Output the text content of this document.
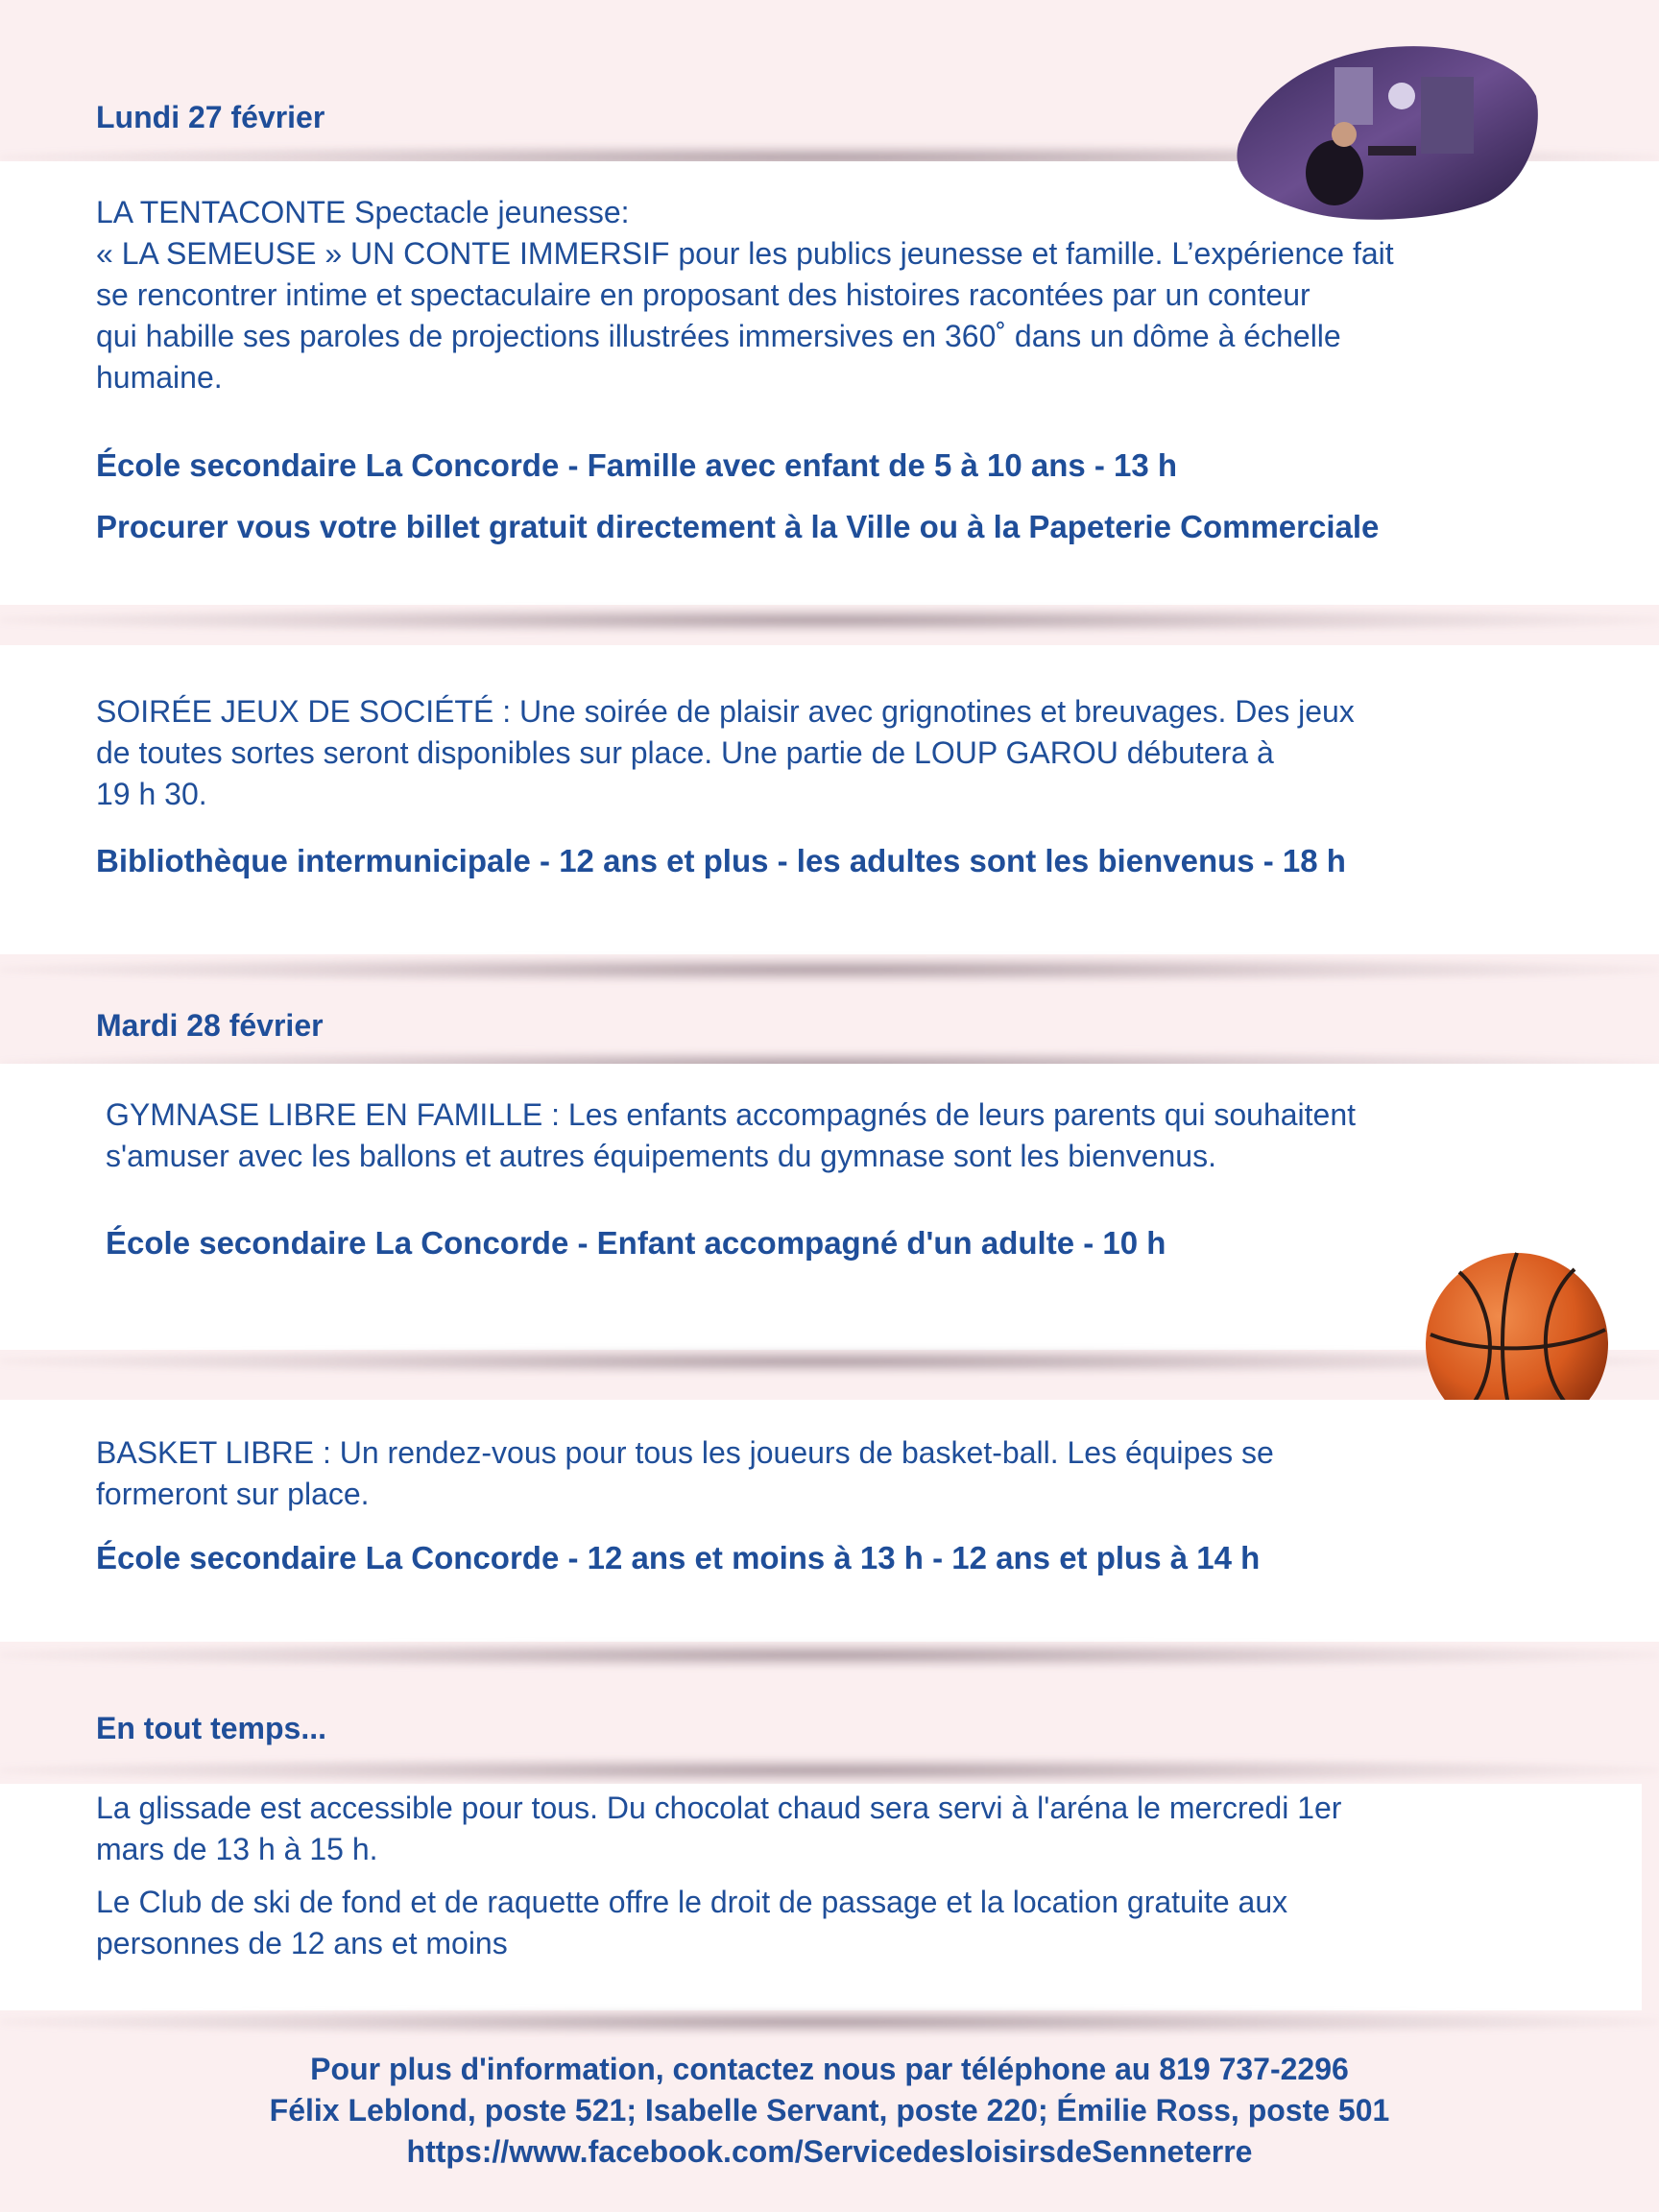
Lundi 27 février
LA TENTACONTE Spectacle jeunesse:
« LA SEMEUSE » UN CONTE IMMERSIF pour les publics jeunesse et famille. L’expérience fait
se rencontrer intime et spectaculaire en proposant des histoires racontées par un conteur
qui habille ses paroles de projections illustrées immersives en 360˚ dans un dôme à échelle
humaine.
École secondaire La Concorde - Famille avec enfant de 5 à 10 ans - 13 h
Procurer vous votre billet gratuit directement à la Ville ou à la Papeterie Commerciale
SOIRÉE JEUX DE SOCIÉTÉ : Une soirée de plaisir avec grignotines et breuvages. Des jeux
de toutes sortes seront disponibles sur place. Une partie de LOUP GAROU débutera à
19 h 30.
Bibliothèque intermunicipale - 12 ans et plus - les adultes sont les bienvenus - 18 h
Mardi 28 février
GYMNASE LIBRE EN FAMILLE : Les enfants accompagnés de leurs parents qui souhaitent
s'amuser avec les ballons et autres équipements du gymnase sont les bienvenus.
École secondaire La Concorde - Enfant accompagné d'un adulte - 10 h
BASKET LIBRE : Un rendez-vous pour tous les joueurs de basket-ball. Les équipes se
formeront sur place.
École secondaire La Concorde - 12 ans et moins à 13 h - 12 ans et plus à 14 h
En tout temps...
La glissade est accessible pour tous. Du chocolat chaud sera servi à l'aréna le mercredi 1er
mars de 13 h à 15 h.
Le Club de ski de fond et de raquette offre le droit de passage et la location gratuite aux
personnes de 12 ans et moins
Pour plus d'information, contactez nous par téléphone au 819 737-2296
Félix Leblond, poste 521; Isabelle Servant, poste 220; Émilie Ross, poste 501
https://www.facebook.com/ServicedesloisirsdeSenneterre
